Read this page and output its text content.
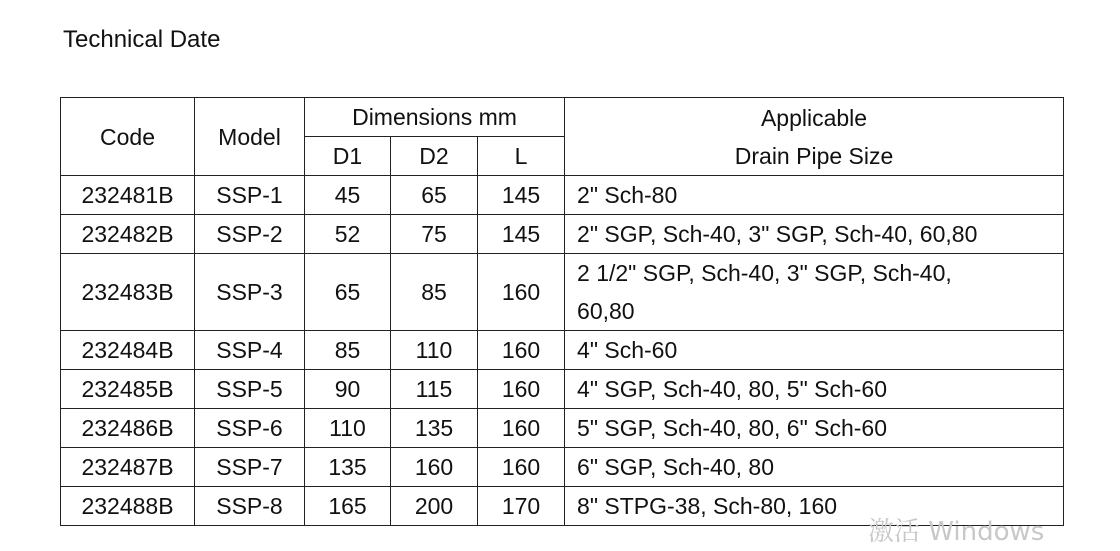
Technical Date
Code	Model	Dimensions mm			Applicable
Drain Pipe Size

		D1	D2	L	
232481B	SSP-1	45	65	145	2" Sch-80
232482B	SSP-2	52	75	145	2" SGP, Sch-40, 3" SGP, Sch-40, 60,80
232483B	SSP-3	65	85	160	2 1/2" SGP, Sch-40, 3" SGP, Sch-40,
60,80

232484B	SSP-4	85	110	160	4" Sch-60
232485B	SSP-5	90	115	160	4" SGP, Sch-40, 80, 5" Sch-60
232486B	SSP-6	110	135	160	5" SGP, Sch-40, 80, 6" Sch-60
232487B	SSP-7	135	160	160	6" SGP, Sch-40, 80
232488B	SSP-8	165	200	170	8" STPG-38, Sch-80, 160
激活 Windows
